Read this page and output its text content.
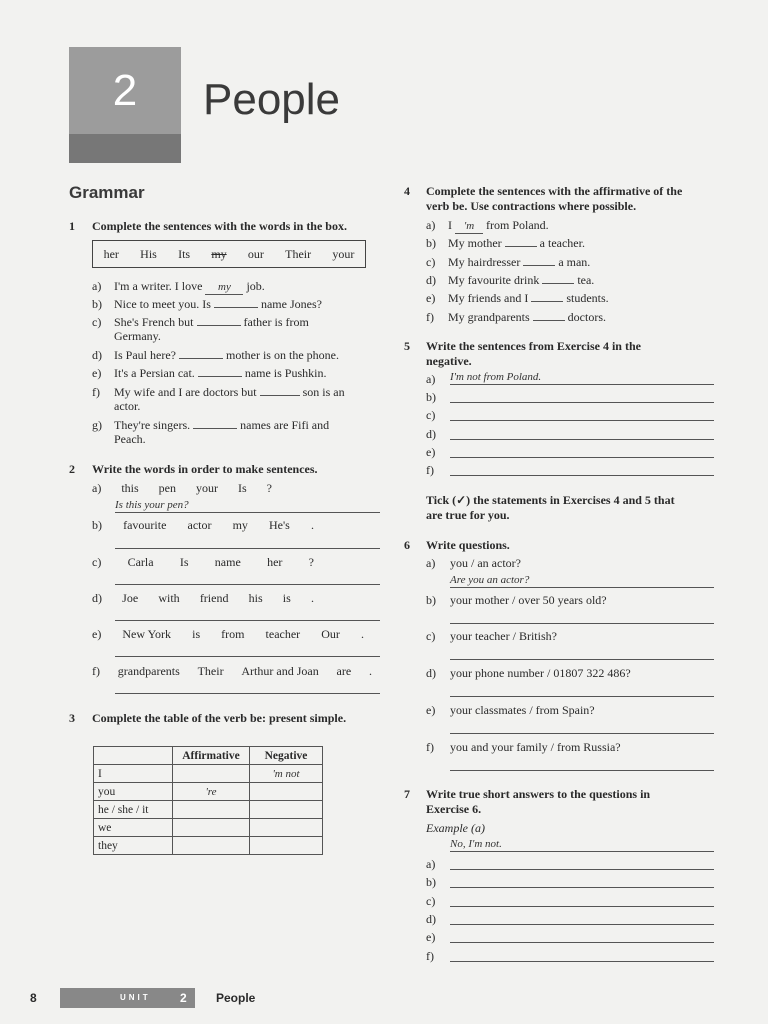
2	People
Grammar
1 Complete the sentences with the words in the box.
her His Its my our Their your
a) I'm a writer. I love my job.
b) Nice to meet you. Is	name Jones?
c) She's French but	father is from
Germany.
d) Is Paul here?	mother is on the phone.
e) It's a Persian cat.	name is Pushkin.
f) My wife and I are doctors but	son is an
actor.
g) They're singers.	names are Fifi and
Peach.
2 Write the words in order to make sentences.
a) this pen your Is ?
Is this your pen?
b) favourite actor my He's .
c) Carla Is name her ?
d) Joe with friend his is .
e) New York is from teacher Our .
f) grandparents Their Arthur and Joan are .
3 Complete the table of the verb be: present simple.
	Affirmative	Negative
I		'm not
you	're	
he / she / it		
we		
they		
4 Complete the sentences with the affirmative of the
verb be. Use contractions where possible.
a) I 'm from Poland.
b) My mother	a teacher.
c) My hairdresser	a man.
d) My favourite drink	tea.
e) My friends and I	students.
f) My grandparents	doctors.
5 Write the sentences from Exercise 4 in the
negative.
a) I'm not from Poland.
b)
c)
d)
e)
f)
Tick (✓) the statements in Exercises 4 and 5 that
are true for you.
6 Write questions.
a) you / an actor?
Are you an actor?
b) your mother / over 50 years old?
c) your teacher / British?
d) your phone number / 01807 322 486?
e) your classmates / from Spain?
f) you and your family / from Russia?
7 Write true short answers to the questions in
Exercise 6.
Example (a)
No, I'm not.
a)
b)
c)
d)
e)
f)
8	UNIT 2 People
